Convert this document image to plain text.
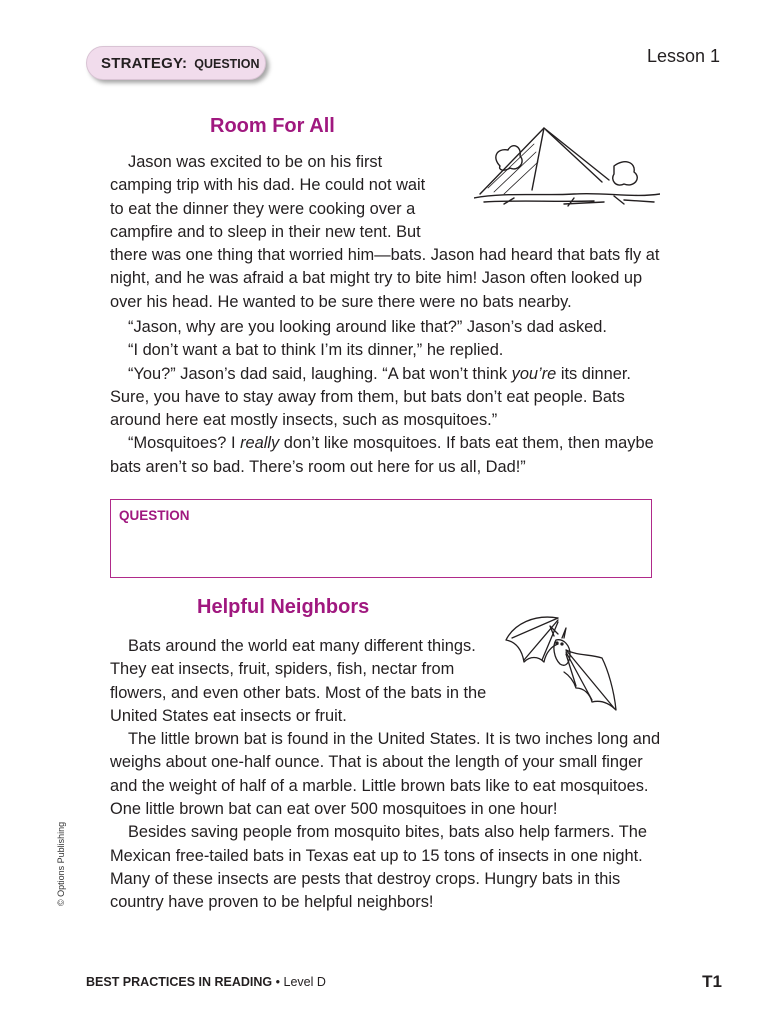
STRATEGY: QUESTION	Lesson 1
Room For All

Jason was excited to be on his first camping trip with his dad. He could not wait to eat the dinner they were cooking over a campfire and to sleep in their new tent. But there was one thing that worried him—bats. Jason had heard that bats fly at night, and he was afraid a bat might try to bite him! Jason often looked up over his head. He wanted to be sure there were no bats nearby.

“Jason, why are you looking around like that?” Jason’s dad asked.

“I don’t want a bat to think I’m its dinner,” he replied.

“You?” Jason’s dad said, laughing. “A bat won’t think you’re its dinner. Sure, you have to stay away from them, but bats don’t eat people. Bats around here eat mostly insects, such as mosquitoes.”

“Mosquitoes? I really don’t like mosquitoes. If bats eat them, then maybe bats aren’t so bad. There’s room out here for us all, Dad!”

QUESTION
Helpful Neighbors

Bats around the world eat many different things. They eat insects, fruit, spiders, fish, nectar from flowers, and even other bats. Most of the bats in the United States eat insects or fruit.

The little brown bat is found in the United States. It is two inches long and weighs about one-half ounce. That is about the length of your small finger and the weight of half of a marble. Little brown bats like to eat mosquitoes. One little brown bat can eat over 500 mosquitoes in one hour!

Besides saving people from mosquito bites, bats also help farmers. The Mexican free-tailed bats in Texas eat up to 15 tons of insects in one night. Many of these insects are pests that destroy crops. Hungry bats in this country have proven to be helpful neighbors!

© Options Publishing
BEST PRACTICES IN READING • Level D	T1
